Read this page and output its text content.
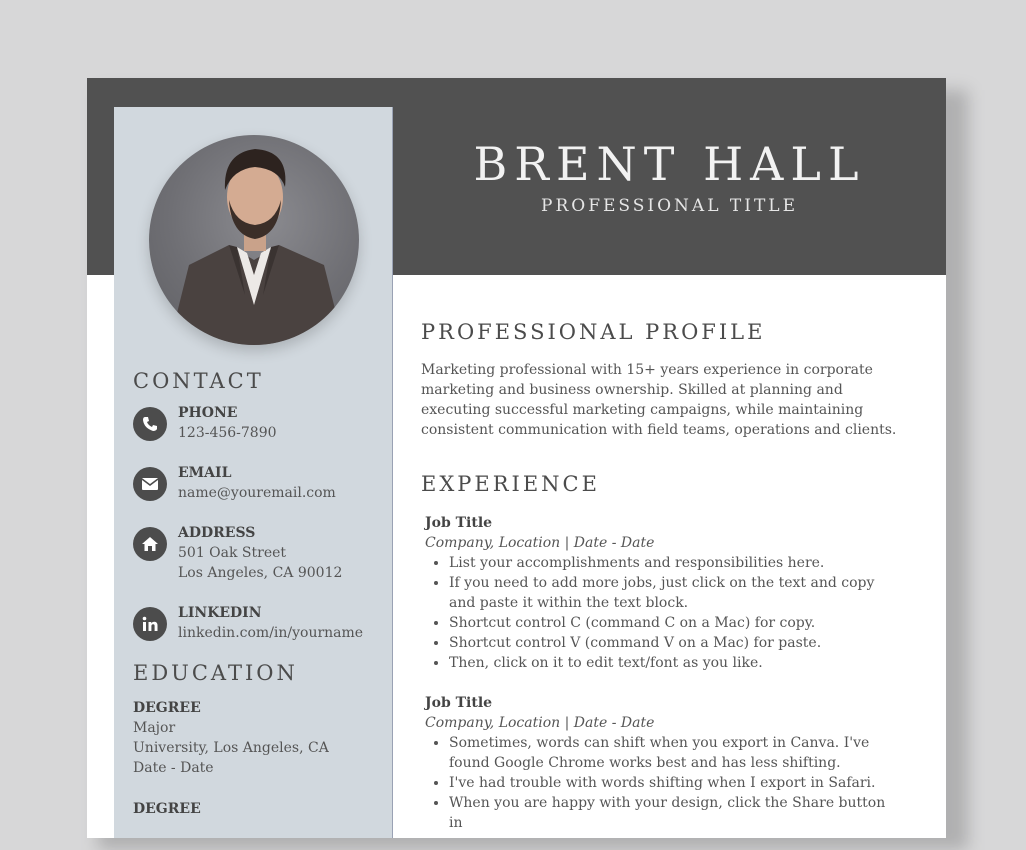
BRENT HALL
PROFESSIONAL TITLE
CONTACT
PHONE
123-456-7890
EMAIL
name@youremail.com
ADDRESS
501 Oak Street
Los Angeles, CA 90012
LINKEDIN
linkedin.com/in/yourname
EDUCATION
DEGREE
Major
University, Los Angeles, CA
Date - Date
DEGREE
PROFESSIONAL PROFILE
Marketing professional with 15+ years experience in corporate marketing and business ownership. Skilled at planning and executing successful marketing campaigns, while maintaining consistent communication with field teams, operations and clients.
EXPERIENCE
Job Title
Company, Location | Date - Date
• List your accomplishments and responsibilities here.
• If you need to add more jobs, just click on the text and copy and paste it within the text block.
• Shortcut control C (command C on a Mac) for copy.
• Shortcut control V (command V on a Mac) for paste.
• Then, click on it to edit text/font as you like.
Job Title
Company, Location | Date - Date
• Sometimes, words can shift when you export in Canva. I've found Google Chrome works best and has less shifting.
• I've had trouble with words shifting when I export in Safari.
• When you are happy with your design, click the Share button in
